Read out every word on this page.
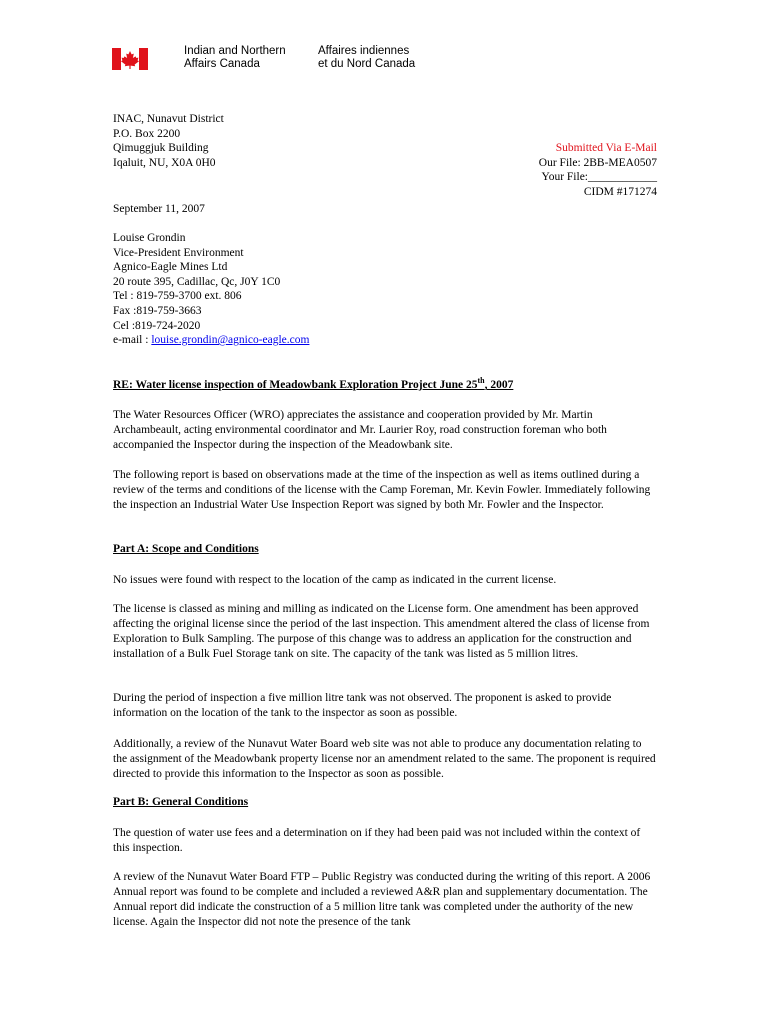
Indian and Northern
Affairs Canada
Affaires indiennes
et du Nord Canada
INAC, Nunavut District
P.O. Box 2200
Qimuggjuk Building
Iqaluit, NU, X0A 0H0
Submitted Via E-Mail
Our File: 2BB-MEA0507
Your File:____________
CIDM #171274
September 11, 2007
Louise Grondin
Vice-President Environment
Agnico-Eagle Mines Ltd
20 route 395, Cadillac, Qc, J0Y 1C0
Tel : 819-759-3700 ext. 806
Fax :819-759-3663
Cel :819-724-2020
e-mail : louise.grondin@agnico-eagle.com
RE: Water license inspection of Meadowbank Exploration Project June 25th, 2007
The Water Resources Officer (WRO) appreciates the assistance and cooperation provided by Mr. Martin Archambeault, acting environmental coordinator and Mr. Laurier Roy, road construction foreman who both accompanied the Inspector during the inspection of the Meadowbank site.
The following report is based on observations made at the time of the inspection as well as items outlined during a review of the terms and conditions of the license with the Camp Foreman, Mr. Kevin Fowler. Immediately following the inspection an Industrial Water Use Inspection Report was signed by both Mr. Fowler and the Inspector.
Part A: Scope and Conditions
No issues were found with respect to the location of the camp as indicated in the current license.
The license is classed as mining and milling as indicated on the License form. One amendment has been approved affecting the original license since the period of the last inspection. This amendment altered the class of license from Exploration to Bulk Sampling. The purpose of this change was to address an application for the construction and installation of a Bulk Fuel Storage tank on site. The capacity of the tank was listed as 5 million litres.
During the period of inspection a five million litre tank was not observed. The proponent is asked to provide information on the location of the tank to the inspector as soon as possible.
Additionally, a review of the Nunavut Water Board web site was not able to produce any documentation relating to the assignment of the Meadowbank property license nor an amendment related to the same. The proponent is required directed to provide this information to the Inspector as soon as possible.
Part B: General Conditions
The question of water use fees and a determination on if they had been paid was not included within the context of this inspection.
A review of the Nunavut Water Board FTP – Public Registry was conducted during the writing of this report. A 2006 Annual report was found to be complete and included a reviewed A&R plan and supplementary documentation. The Annual report did indicate the construction of a 5 million litre tank was completed under the authority of the new license. Again the Inspector did not note the presence of the tank
